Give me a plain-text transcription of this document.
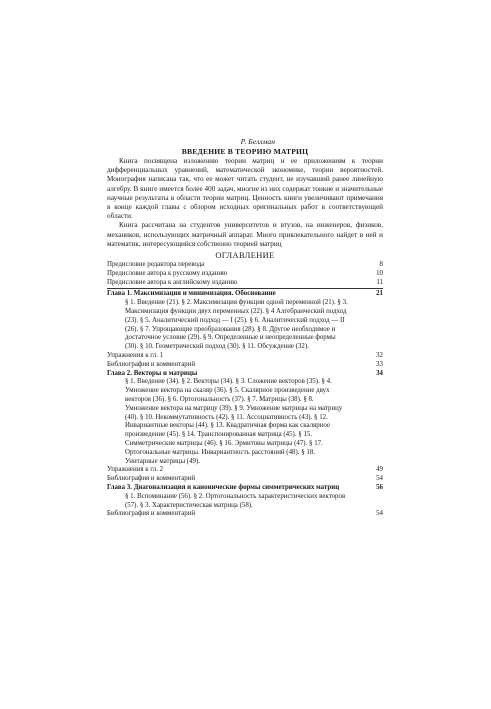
Р. Беллман
ВВЕДЕНИЕ В ТЕОРИЮ МАТРИЦ

Книга посвящена изложению теории матриц и ее приложениям к теории дифференциальных уравнений, математической экономике, теории вероятностей. Монография написана так, что ее может читать студент, не изучавший ранее линейную алгебру. В книге имеется более 400 задач, многие из них содержат тонкие и значительные научные результаты в области теории матриц. Ценность книги увеличивают примечания в конце каждой главы с обзором исходных оригинальных работ в соответствующей области.

Книга рассчитана на студентов университетов и втузов, на инженеров, физиков, механиков, использующих матричный аппарат. Много привлекательного найдет в ней и математик, интересующийся собственно теорией матриц

ОГЛАВЛЕНИЕ
Предисловие редактора перевода	8
Предисловие автора к русскому изданию	10
Предисловие автора к английскому изданию	11
Глава 1. Максимизация и минимизация. Обоснование	21
§ 1. Введение (21). § 2. Максимизация функции одной переменной (21). § 3. Максимизация функции двух переменных (22). § 4 Алгебраический подход (23). § 5. Аналитический подход — I (25). § 6. Аналитический подход — II (26). § 7. Упрощающие преобразования (28). § 8. Другое необходимое и достаточное условие (29). § 9. Определенные и неопределенные формы (30). § 10. Геометрический подход (30). § 11. Обсуждение (32).
Упражнения к гл. 1	32
Библиография и комментарий	33
Глава 2. Векторы и матрицы	34
§ 1. Введение (34). § 2. Векторы (34). § 3. Сложение векторов (35). § 4. Умножение вектора на скаляр (36). § 5. Скалярное произведение двух векторов (36). § 6. Ортогональность (37). § 7. Матрицы (38). § 8. Умножение вектора на матрицу (39). § 9. Умножение матрицы на матрицу (40). § 10. Некоммутативность (42). § 11. Ассоциативность (43). § 12. Инвариантные векторы (44). § 13. Квадратичная форма как скалярное произведение (45). § 14. Транспонированная матрица (45). § 15. Симметрические матрицы (46). § 16. Эрмитовы матрицы (47). § 17. Ортогональные матрицы. Инвариантность расстояний (48). § 18. Унитарные матрицы (49).
Упражнения к гл. 2	49
Библиография и комментарий	54
Глава 3. Диагонализация и канонические формы симметрических матриц	56
§ 1. Вспоминание (56). § 2. Ортогональность характеристических векторов (57). § 3. Характеристическая матрица (58).
Библиография и комментарий	54
